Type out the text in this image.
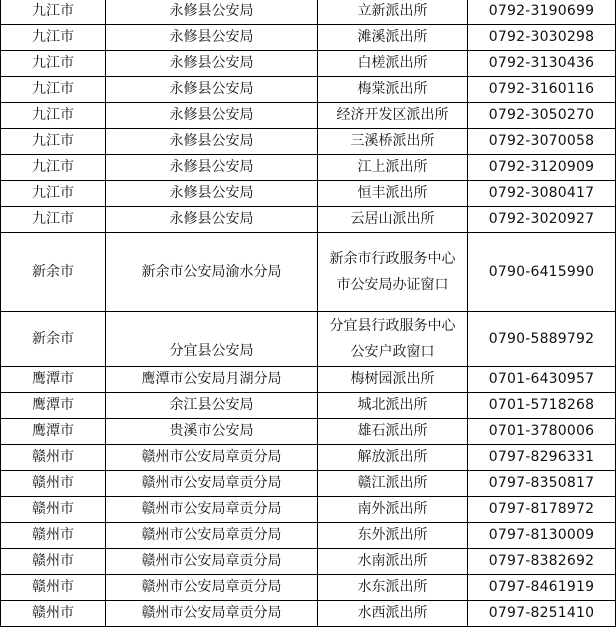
九江市	永修县公安局	立新派出所	0792-3190699
九江市	永修县公安局	滩溪派出所	0792-3030298
九江市	永修县公安局	白槎派出所	0792-3130436
九江市	永修县公安局	梅棠派出所	0792-3160116
九江市	永修县公安局	经济开发区派出所	0792-3050270
九江市	永修县公安局	三溪桥派出所	0792-3070058
九江市	永修县公安局	江上派出所	0792-3120909
九江市	永修县公安局	恒丰派出所	0792-3080417
九江市	永修县公安局	云居山派出所	0792-3020927
新余市	新余市公安局渝水分局	新余市行政服务中心市公安局办证窗口	0790-6415990
新余市	分宜县公安局	分宜县行政服务中心公安户政窗口	0790-5889792
鹰潭市	鹰潭市公安局月湖分局	梅树园派出所	0701-6430957
鹰潭市	余江县公安局	城北派出所	0701-5718268
鹰潭市	贵溪市公安局	雄石派出所	0701-3780006
赣州市	赣州市公安局章贡分局	解放派出所	0797-8296331
赣州市	赣州市公安局章贡分局	赣江派出所	0797-8350817
赣州市	赣州市公安局章贡分局	南外派出所	0797-8178972
赣州市	赣州市公安局章贡分局	东外派出所	0797-8130009
赣州市	赣州市公安局章贡分局	水南派出所	0797-8382692
赣州市	赣州市公安局章贡分局	水东派出所	0797-8461919
赣州市	赣州市公安局章贡分局	水西派出所	0797-8251410
